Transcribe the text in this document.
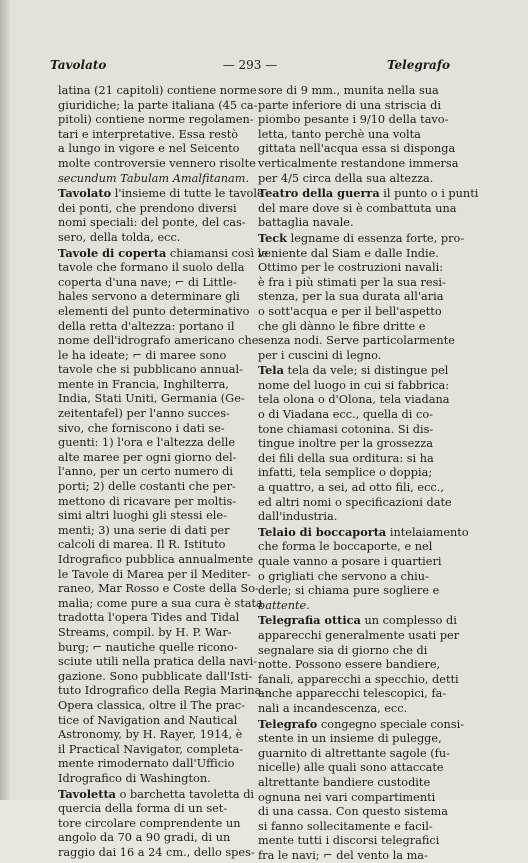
Tavolato	— 293 —	Telegrafo
latina (21 capitoli) contiene norme
giuridiche; la parte italiana (45 ca-
pitoli) contiene norme regolamen-
tari e interpretative. Essa restò
a lungo in vigore e nel Seicento
molte controversie vennero risolte
secundum Tabulam Amalfitanam.
Tavolato l'insieme di tutte le tavole
dei ponti, che prendono diversi
nomi speciali: del ponte, del cas-
sero, della tolda, ecc.
Tavole di coperta chiamansi così le
tavole che formano il suolo della
coperta d'una nave; ⌐ di Little-
hales servono a determinare gli
elementi del punto determinativo
della retta d'altezza: portano il
nome dell'idrografo americano che
le ha ideate; ⌐ di maree sono
tavole che si pubblicano annual-
mente in Francia, Inghilterra,
India, Stati Uniti, Germania (Ge-
zeitentafel) per l'anno succes-
sivo, che forniscono i dati se-
guenti: 1) l'ora e l'altezza delle
alte maree per ogni giorno del-
l'anno, per un certo numero di
porti; 2) delle costanti che per-
mettono di ricavare per moltis-
simi altri luoghi gli stessi ele-
menti; 3) una serie di dati per
calcoli di marea. Il R. Istituto
Idrografico pubblica annualmente
le Tavole di Marea per il Mediter-
raneo, Mar Rosso e Coste della So-
malia; come pure a sua cura è stata
tradotta l'opera Tides and Tidal
Streams, compil. by H. P. War-
burg; ⌐ nautiche quelle ricono-
sciute utili nella pratica della navi-
gazione. Sono pubblicate dall'Isti-
tuto Idrografico della Regia Marina.
Opera classica, oltre il The prac-
tice of Navigation and Nautical
Astronomy, by H. Rayer, 1914, è
il Practical Navigator, completa-
mente rimodernato dall'Ufficio
Idrografico di Washington.
Tavoletta o barchetta tavoletta di
quercia della forma di un set-
tore circolare comprendente un
angolo da 70 a 90 gradi, di un
raggio dai 16 a 24 cm., dello spes-
sore di 9 mm., munita nella sua
parte inferiore di una striscia di
piombo pesante i 9/10 della tavo-
letta, tanto perchè una volta
gittata nell'acqua essa si disponga
verticalmente restandone immersa
per 4/5 circa della sua altezza.
Teatro della guerra il punto o i punti
del mare dove si è combattuta una
battaglia navale.
Teck legname di essenza forte, pro-
veniente dal Siam e dalle Indie.
Ottimo per le costruzioni navali:
è fra i più stimati per la sua resi-
stenza, per la sua durata all'aria
o sott'acqua e per il bell'aspetto
che gli dànno le fibre dritte e
senza nodi. Serve particolarmente
per i cuscini di legno.
Tela tela da vele; si distingue pel
nome del luogo in cui si fabbrica:
tela olona o d'Olona, tela viadana
o di Viadana ecc., quella di co-
tone chiamasi cotonina. Si dis-
tingue inoltre per la grossezza
dei fili della sua orditura: si ha
infatti, tela semplice o doppia;
a quattro, a sei, ad otto fili, ecc.,
ed altri nomi o specificazioni date
dall'industria.
Telaio di boccaporta intelaiamento
che forma le boccaporte, e nel
quale vanno a posare i quartieri
o grigliati che servono a chiu-
derle; si chiama pure sogliere e
battente.
Telegrafia ottica un complesso di
apparecchi generalmente usati per
segnalare sia di giorno che di
notte. Possono essere bandiere,
fanali, apparecchi a specchio, detti
anche apparecchi telescopici, fa-
nali a incandescenza, ecc.
Telegrafo congegno speciale consi-
stente in un insieme di pulegge,
guarnito di altrettante sagole (fu-
nicelle) alle quali sono attaccate
altrettante bandiere custodite
ognuna nei vari compartimenti
di una cassa. Con questo sistema
si fanno sollecitamente e facil-
mente tutti i discorsi telegrafici
fra le navi; ⌐ del vento la ma-
